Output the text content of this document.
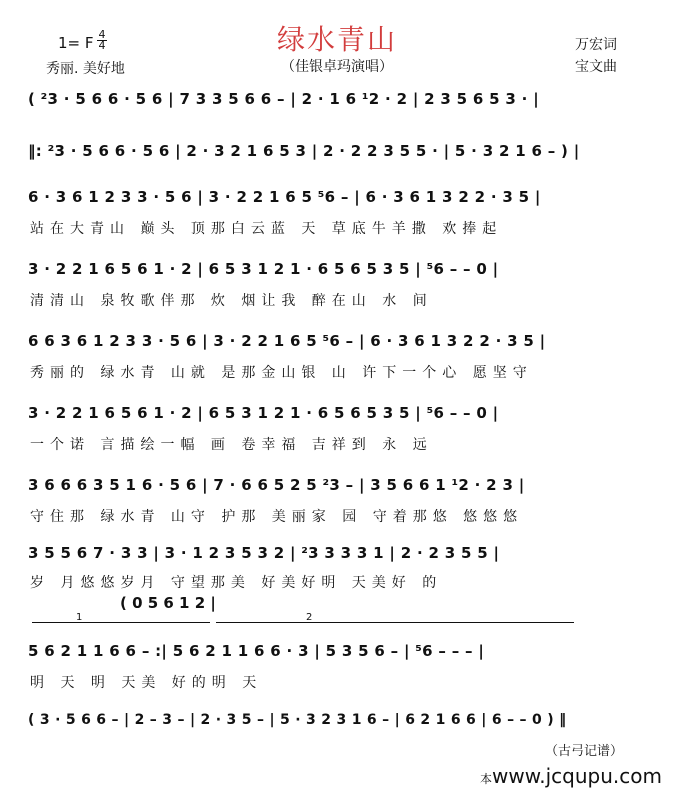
绿水青山
1= F $\frac{4}{4}$
秀丽. 美好地	（佳银卓玛演唱）
万宏词
宝文曲
( ²3 · 5 6 6 · 5 6 | 7 3 3 5 6 6 – | 2 · 1 6 ¹2 · 2 | 2 3 5 6 5 3 · |
‖: ²3 · 5 6 6 · 5 6 | 2 · 3 2 1 6 5 3 | 2 · 2 2 3 5 5 · | 5 · 3 2 1 6 – ) |
6 · 3 6 1 2 3 3 · 5 6 | 3 · 2 2 1 6 5 ⁵6 – | 6 · 3 6 1 3 2 2 · 3 5 |
站在大青山 巅头 顶那白云蓝 天 草底牛羊撒 欢捧起
3 · 2 2 1 6 5 6 1 · 2 | 6 5 3 1 2 1 · 6 5 6 5 3 5 | ⁵6 – – 0 |
清清山 泉牧歌伴那 炊 烟让我 醉在山 水 间
6 6 3 6 1 2 3 3 · 5 6 | 3 · 2 2 1 6 5 ⁵6 – | 6 · 3 6 1 3 2 2 · 3 5 |
秀丽的 绿水青 山就 是那金山银 山 许下一个心 愿坚守
3 · 2 2 1 6 5 6 1 · 2 | 6 5 3 1 2 1 · 6 5 6 5 3 5 | ⁵6 – – 0 |
一个诺 言描绘一幅 画 卷幸福 吉祥到 永 远
3 6 6 6 3 5 1 6 · 5 6 | 7 · 6 6 5 2 5 ²3 – | 3 5 6 6 1 ¹2 · 2 3 |
守住那 绿水青 山守 护那 美丽家 园 守着那悠 悠悠悠
3 5 5 6 7 · 3 3 | 3 · 1 2 3 5 3 2 | ²3 3 3 3 1 | 2 · 2 3 5 5 |
岁 月悠悠岁月 守望那美 好美好明 天美好 的
( 0 5 6 1 2 |
1	2
5 6 2 1 1 6 6 – :| 5 6 2 1 1 6 6 · 3 | 5 3 5 6 – | ⁵6 – – – |
明 天 明 天美 好的明 天
( 3 · 5 6 6 – | 2 – 3 – | 2 · 3 5 – | 5 · 3 2 3 1 6 – | 6 2 1 6 6 | 6 – – 0 ) ‖
（古弓记谱）
本www.jcqupu.com
